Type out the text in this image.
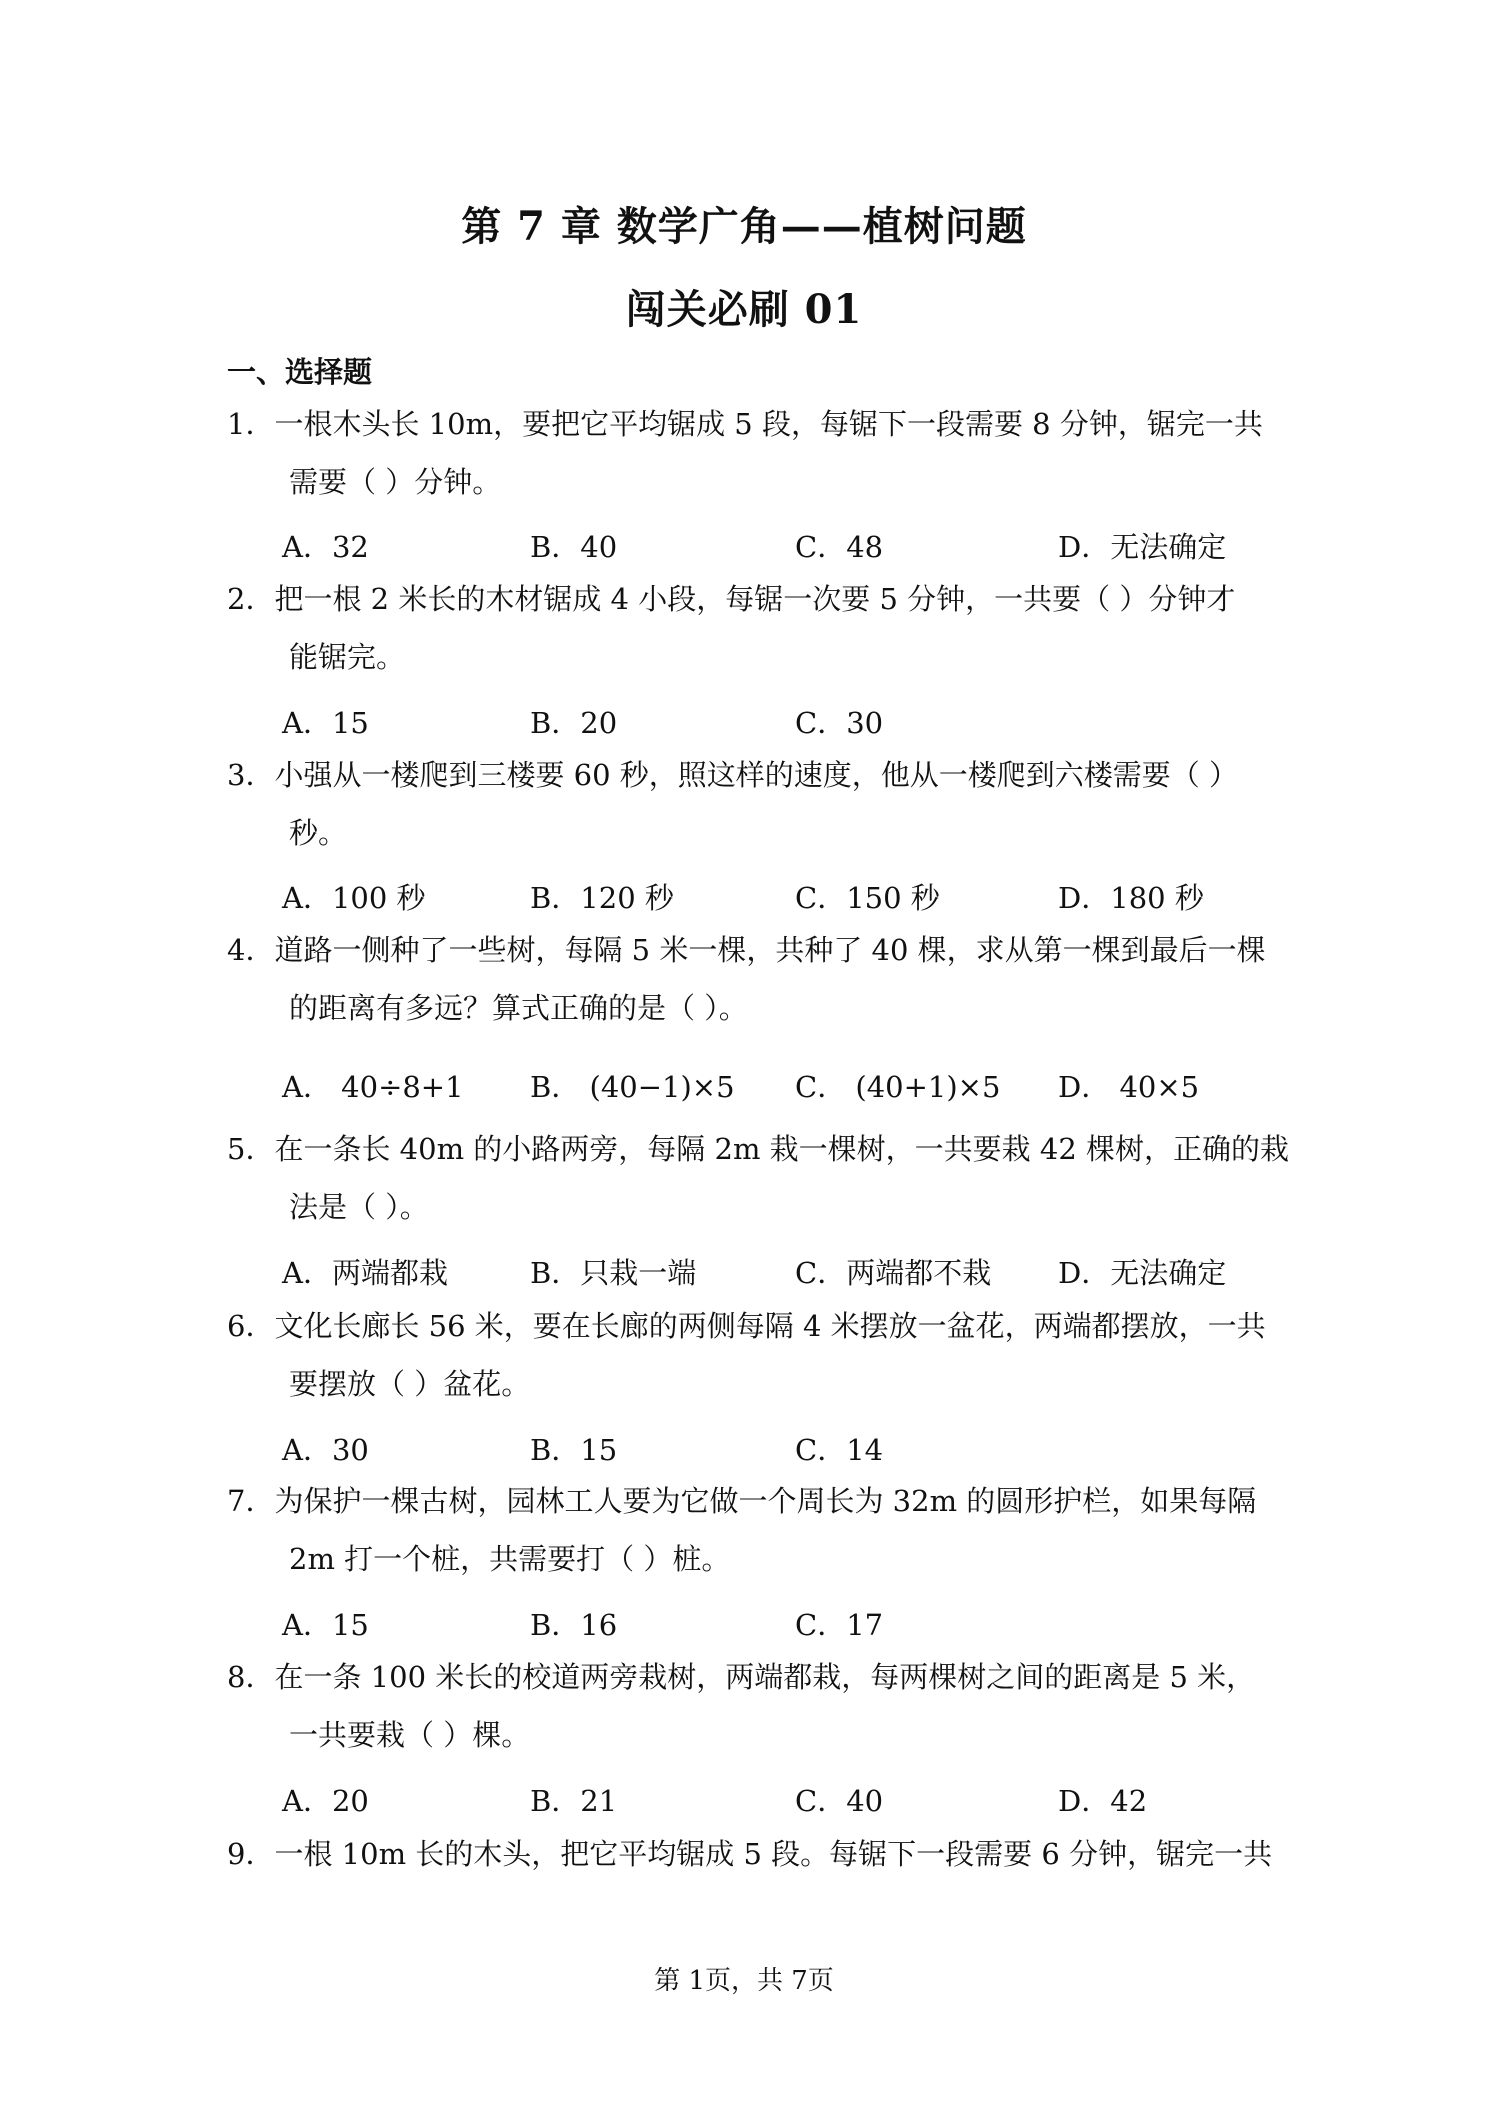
第 7 章 数学广角——植树问题
闯关必刷 01
一、选择题
1．一根木头长 10m，要把它平均锯成 5 段，每锯下一段需要 8 分钟，锯完一共
需要（ ）分钟。
A．32	B．40	C．48	D．无法确定
2．把一根 2 米长的木材锯成 4 小段，每锯一次要 5 分钟，一共要（ ）分钟才
能锯完。
A．15	B．20	C．30
3．小强从一楼爬到三楼要 60 秒，照这样的速度，他从一楼爬到六楼需要（ ）
秒。
A．100 秒	B．120 秒	C．150 秒	D．180 秒
4．道路一侧种了一些树，每隔 5 米一棵，共种了 40 棵，求从第一棵到最后一棵
的距离有多远？算式正确的是（ ）。
A． 40÷8+1 B． (40−1)×5 C． (40+1)×5 D． 40×5
5．在一条长 40m 的小路两旁，每隔 2m 栽一棵树，一共要栽 42 棵树，正确的栽
法是（ ）。
A．两端都栽	B．只栽一端	C．两端都不栽 D．无法确定
6．文化长廊长 56 米，要在长廊的两侧每隔 4 米摆放一盆花，两端都摆放，一共
要摆放（ ）盆花。
A．30	B．15	C．14
7．为保护一棵古树，园林工人要为它做一个周长为 32m 的圆形护栏，如果每隔
2m 打一个桩，共需要打（ ）桩。
A．15	B．16	C．17
8．在一条 100 米长的校道两旁栽树，两端都栽，每两棵树之间的距离是 5 米，
一共要栽（ ）棵。
A．20	B．21	C．40	D．42
9．一根 10m 长的木头，把它平均锯成 5 段。每锯下一段需要 6 分钟，锯完一共
第 1页，共 7页
